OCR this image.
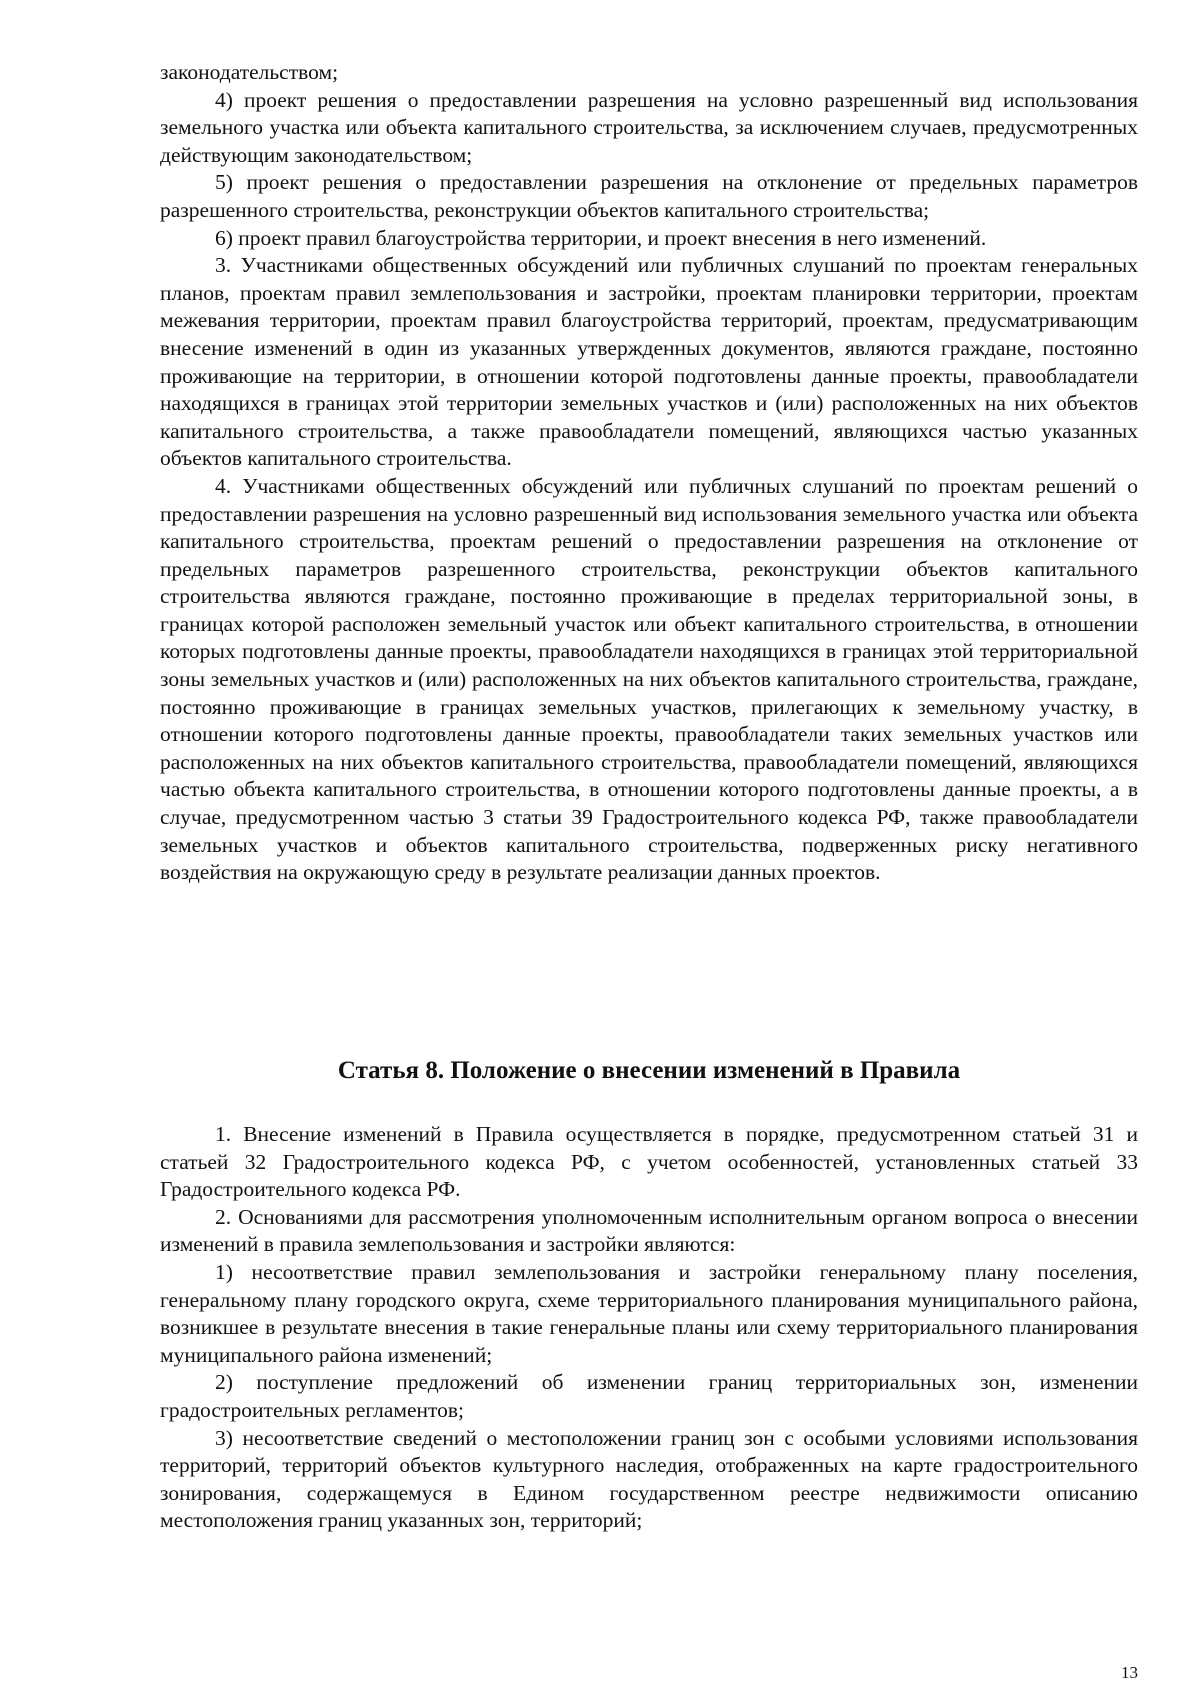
законодательством;

4) проект решения о предоставлении разрешения на условно разрешенный вид использования земельного участка или объекта капитального строительства, за исключением случаев, предусмотренных действующим законодательством;

5) проект решения о предоставлении разрешения на отклонение от предельных параметров разрешенного строительства, реконструкции объектов капитального строительства;

6) проект правил благоустройства территории, и проект внесения в него изменений.

3. Участниками общественных обсуждений или публичных слушаний по проектам генеральных планов, проектам правил землепользования и застройки, проектам планировки территории, проектам межевания территории, проектам правил благоустройства территорий, проектам, предусматривающим внесение изменений в один из указанных утвержденных документов, являются граждане, постоянно проживающие на территории, в отношении которой подготовлены данные проекты, правообладатели находящихся в границах этой территории земельных участков и (или) расположенных на них объектов капитального строительства, а также правообладатели помещений, являющихся частью указанных объектов капитального строительства.

4. Участниками общественных обсуждений или публичных слушаний по проектам решений о предоставлении разрешения на условно разрешенный вид использования земельного участка или объекта капитального строительства, проектам решений о предоставлении разрешения на отклонение от предельных параметров разрешенного строительства, реконструкции объектов капитального строительства являются граждане, постоянно проживающие в пределах территориальной зоны, в границах которой расположен земельный участок или объект капитального строительства, в отношении которых подготовлены данные проекты, правообладатели находящихся в границах этой территориальной зоны земельных участков и (или) расположенных на них объектов капитального строительства, граждане, постоянно проживающие в границах земельных участков, прилегающих к земельному участку, в отношении которого подготовлены данные проекты, правообладатели таких земельных участков или расположенных на них объектов капитального строительства, правообладатели помещений, являющихся частью объекта капитального строительства, в отношении которого подготовлены данные проекты, а в случае, предусмотренном частью 3 статьи 39 Градостроительного кодекса РФ, также правообладатели земельных участков и объектов капитального строительства, подверженных риску негативного воздействия на окружающую среду в результате реализации данных проектов.

Статья 8. Положение о внесении изменений в Правила

1. Внесение изменений в Правила осуществляется в порядке, предусмотренном статьей 31 и статьей 32 Градостроительного кодекса РФ, с учетом особенностей, установленных статьей 33 Градостроительного кодекса РФ.

2. Основаниями для рассмотрения уполномоченным исполнительным органом вопроса о внесении изменений в правила землепользования и застройки являются:

1) несоответствие правил землепользования и застройки генеральному плану поселения, генеральному плану городского округа, схеме территориального планирования муниципального района, возникшее в результате внесения в такие генеральные планы или схему территориального планирования муниципального района изменений;

2) поступление предложений об изменении границ территориальных зон, изменении градостроительных регламентов;

3) несоответствие сведений о местоположении границ зон с особыми условиями использования территорий, территорий объектов культурного наследия, отображенных на карте градостроительного зонирования, содержащемуся в Едином государственном реестре недвижимости описанию местоположения границ указанных зон, территорий;

13
